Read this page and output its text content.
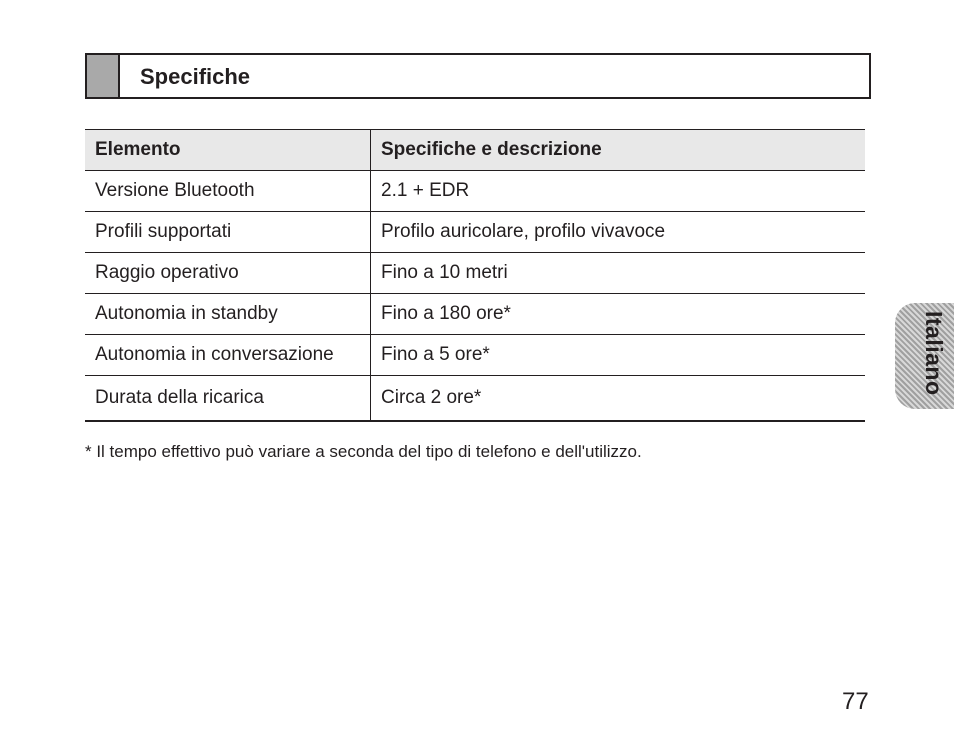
Specifiche
Elemento	Specifiche e descrizione
Versione Bluetooth	2.1 + EDR
Profili supportati	Profilo auricolare, profilo vivavoce
Raggio operativo	Fino a 10 metri
Autonomia in standby	Fino a 180 ore*
Autonomia in conversazione	Fino a 5 ore*
Durata della ricarica	Circa 2 ore*
* Il tempo effettivo può variare a seconda del tipo di telefono e dell'utilizzo.
Italiano
77
